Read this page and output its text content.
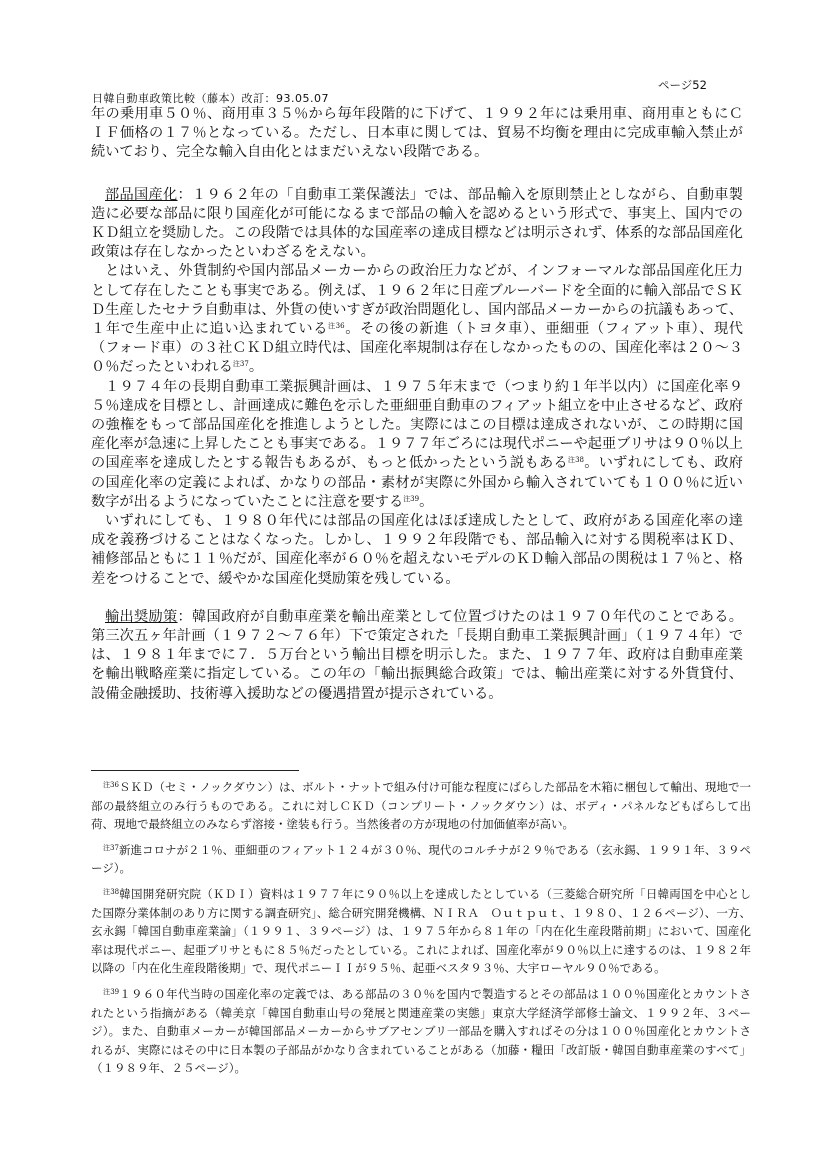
日韓自動車政策比較（藤本）改訂：93.05.07
ページ52

年の乗用車５０％、商用車３５％から毎年段階的に下げて、１９９２年には乗用車、商用車ともにＣＩＦ価格の１７％となっている。ただし、日本車に関しては、貿易不均衡を理由に完成車輸入禁止が続いており、完全な輸入自由化とはまだいえない段階である。

部品国産化：１９６２年の「自動車工業保護法」では、部品輸入を原則禁止としながら、自動車製造に必要な部品に限り国産化が可能になるまで部品の輸入を認めるという形式で、事実上、国内でのＫＤ組立を奨励した。この段階では具体的な国産率の達成目標などは明示されず、体系的な部品国産化政策は存在しなかったといわざるをえない。

とはいえ、外貨制約や国内部品メーカーからの政治圧力などが、インフォーマルな部品国産化圧力として存在したことも事実である。例えば、１９６２年に日産ブルーバードを全面的に輸入部品でＳＫＤ生産したセナラ自動車は、外貨の使いすぎが政治問題化し、国内部品メーカーからの抗議もあって、１年で生産中止に追い込まれている$^{注36}$。その後の新進（トヨタ車）、亜細亜（フィアット車）、現代（フォード車）の３社ＣＫＤ組立時代は、国産化率規制は存在しなかったものの、国産化率は２０～３０％だったといわれる$^{注37}$。

１９７４年の長期自動車工業振興計画は、１９７５年末まで（つまり約１年半以内）に国産化率９５％達成を目標とし、計画達成に難色を示した亜細亜自動車のフィアット組立を中止させるなど、政府の強権をもって部品国産化を推進しようとした。実際にはこの目標は達成されないが、この時期に国産化率が急速に上昇したことも事実である。１９７７年ごろには現代ポニーや起亜ブリサは９０％以上の国産率を達成したとする報告もあるが、もっと低かったという説もある$^{注38}$。いずれにしても、政府の国産化率の定義によれば、かなりの部品・素材が実際に外国から輸入されていても１００％に近い数字が出るようになっていたことに注意を要する$^{注39}$。

いずれにしても、１９８０年代には部品の国産化はほぼ達成したとして、政府がある国産化率の達成を義務づけることはなくなった。しかし、１９９２年段階でも、部品輸入に対する関税率はＫＤ、補修部品ともに１１％だが、国産化率が６０％を超えないモデルのＫＤ輸入部品の関税は１７％と、格差をつけることで、緩やかな国産化奨励策を残している。

輸出奨励策：韓国政府が自動車産業を輸出産業として位置づけたのは１９７０年代のことである。第三次五ヶ年計画（１９７２～７６年）下で策定された「長期自動車工業振興計画」（１９７４年）では、１９８１年までに７．５万台という輸出目標を明示した。また、１９７７年、政府は自動車産業を輸出戦略産業に指定している。この年の「輸出振興総合政策」では、輸出産業に対する外貨貸付、設備金融援助、技術導入援助などの優遇措置が提示されている。

$^{注36}$ＳＫＤ（セミ・ノックダウン）は、ボルト・ナットで組み付け可能な程度にばらした部品を木箱に梱包して輸出、現地で一部の最終組立のみ行うものである。これに対しＣＫＤ（コンプリート・ノックダウン）は、ボディ・パネルなどもばらして出荷、現地で最終組立のみならず溶接・塗装も行う。当然後者の方が現地の付加価値率が高い。

$^{注37}$新進コロナが２１％、亜細亜のフィアット１２４が３０％、現代のコルチナが２９％である（玄永錫、１９９１年、３９ページ）。

$^{注38}$韓国開発研究院（ＫＤＩ）資料は１９７７年に９０％以上を達成したとしている（三菱総合研究所「日韓両国を中心とした国際分業体制のあり方に関する調査研究」、総合研究開発機構、ＮＩＲＡ　Ｏｕｔｐｕｔ、１９８０、１２６ページ）、一方、玄永錫「韓国自動車産業論」（１９９１、３９ページ）は、１９７５年から８１年の「内在化生産段階前期」において、国産化率は現代ポニー、起亜ブリサともに８５％だったとしている。これによれば、国産化率が９０％以上に達するのは、１９８２年以降の「内在化生産段階後期」で、現代ポニーＩＩが９５％、起亜ベスタ９３％、大宇ローヤル９０％である。

$^{注39}$１９６０年代当時の国産化率の定義では、ある部品の３０％を国内で製造するとその部品は１００％国産化とカウントされたという指摘がある（韓美京「韓国自動車山号の発展と関連産業の実態」東京大学経済学部修士論文、１９９２年、３ページ）。また、自動車メーカーが韓国部品メーカーからサブアセンブリ一部品を購入すればその分は１００％国産化とカウントされるが、実際にはその中に日本製の子部品がかなり含まれていることがある（加藤・糧田「改訂版・韓国自動車産業のすべて」（１９８９年、２５ページ）。
